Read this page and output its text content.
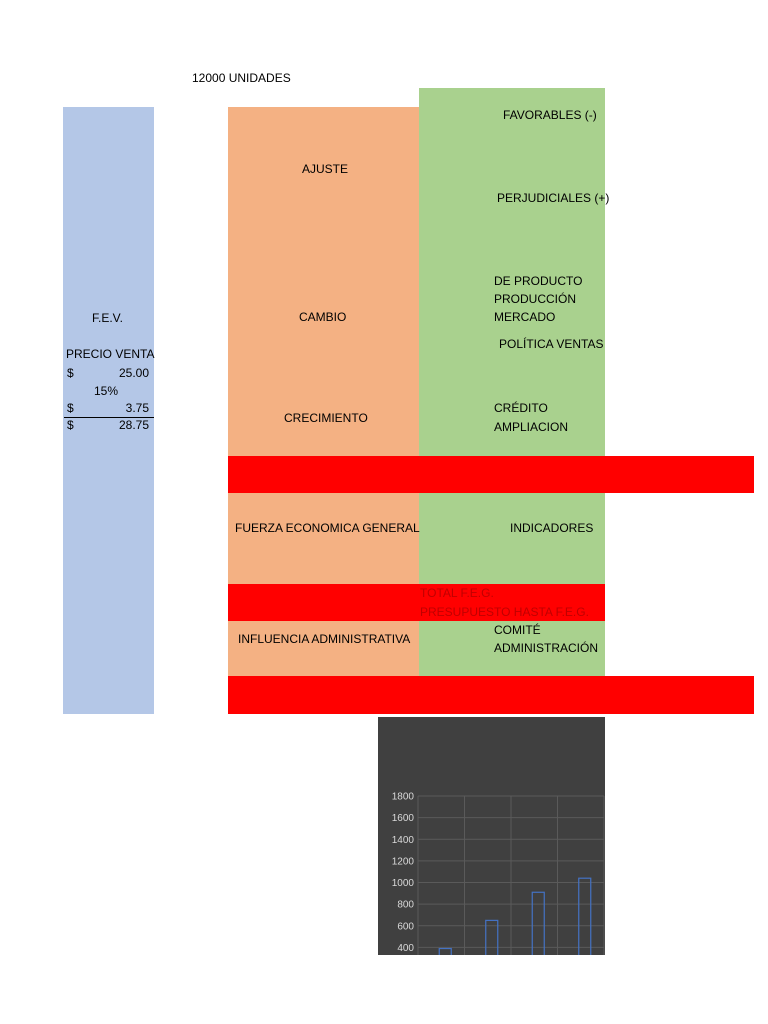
12000 UNIDADES
F.E.V.
PRECIO VENTA
$	25.00
15%
$	3.75
$	28.75
AJUSTE
CAMBIO
CRECIMIENTO
FUERZA ECONOMICA GENERAL
INFLUENCIA ADMINISTRATIVA
FAVORABLES (-)
PERJUDICIALES (+)
DE PRODUCTO
PRODUCCIÓN
MERCADO
POLÍTICA VENTAS
CRÉDITO
AMPLIACION
INDICADORES
TOTAL F.E.G.
PRESUPUESTO HASTA F.E.G.
COMITÉ
ADMINISTRACIÓN
400
600
800
1000
1200
1400
1600
1800
